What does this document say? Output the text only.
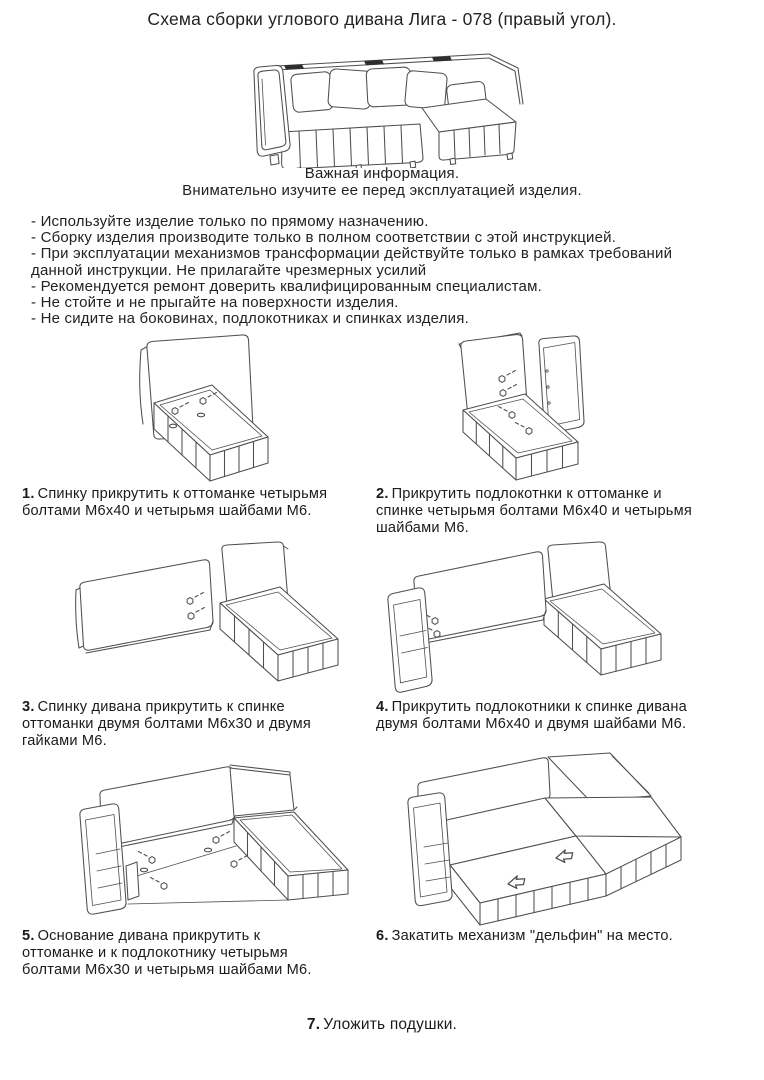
Схема сборки углового дивана Лига - 078 (правый угол).
Важная информация.
Внимательно изучите ее перед эксплуатацией изделия.
- Используйте изделие только по прямому назначению.
- Сборку изделия производите только в полном соответствии с этой инструкцией.
- При эксплуатации механизмов трансформации действуйте только в рамках требований
данной инструкции. Не прилагайте чрезмерных усилий
- Рекомендуется ремонт доверить квалифицированным специалистам.
- Не стойте и не прыгайте на поверхности изделия.
- Не сидите на боковинах, подлокотниках и спинках изделия.
1. Спинку прикрутить к оттоманке четырьмя
болтами М6х40 и четырьмя шайбами М6.
2. Прикрутить подлокотнки к оттоманке и
спинке четырьмя болтами М6х40 и четырьмя
шайбами М6.
3. Спинку дивана прикрутить к спинке
оттоманки двумя болтами М6х30 и двумя
гайками М6.
4. Прикрутить подлокотники к спинке дивана
двумя болтами М6х40 и двумя шайбами М6.
5. Основание дивана прикрутить к
оттоманке и к подлокотнику четырьмя
болтами М6х30 и четырьмя шайбами М6.
6. Закатить механизм "дельфин" на место.
7. Уложить подушки.
